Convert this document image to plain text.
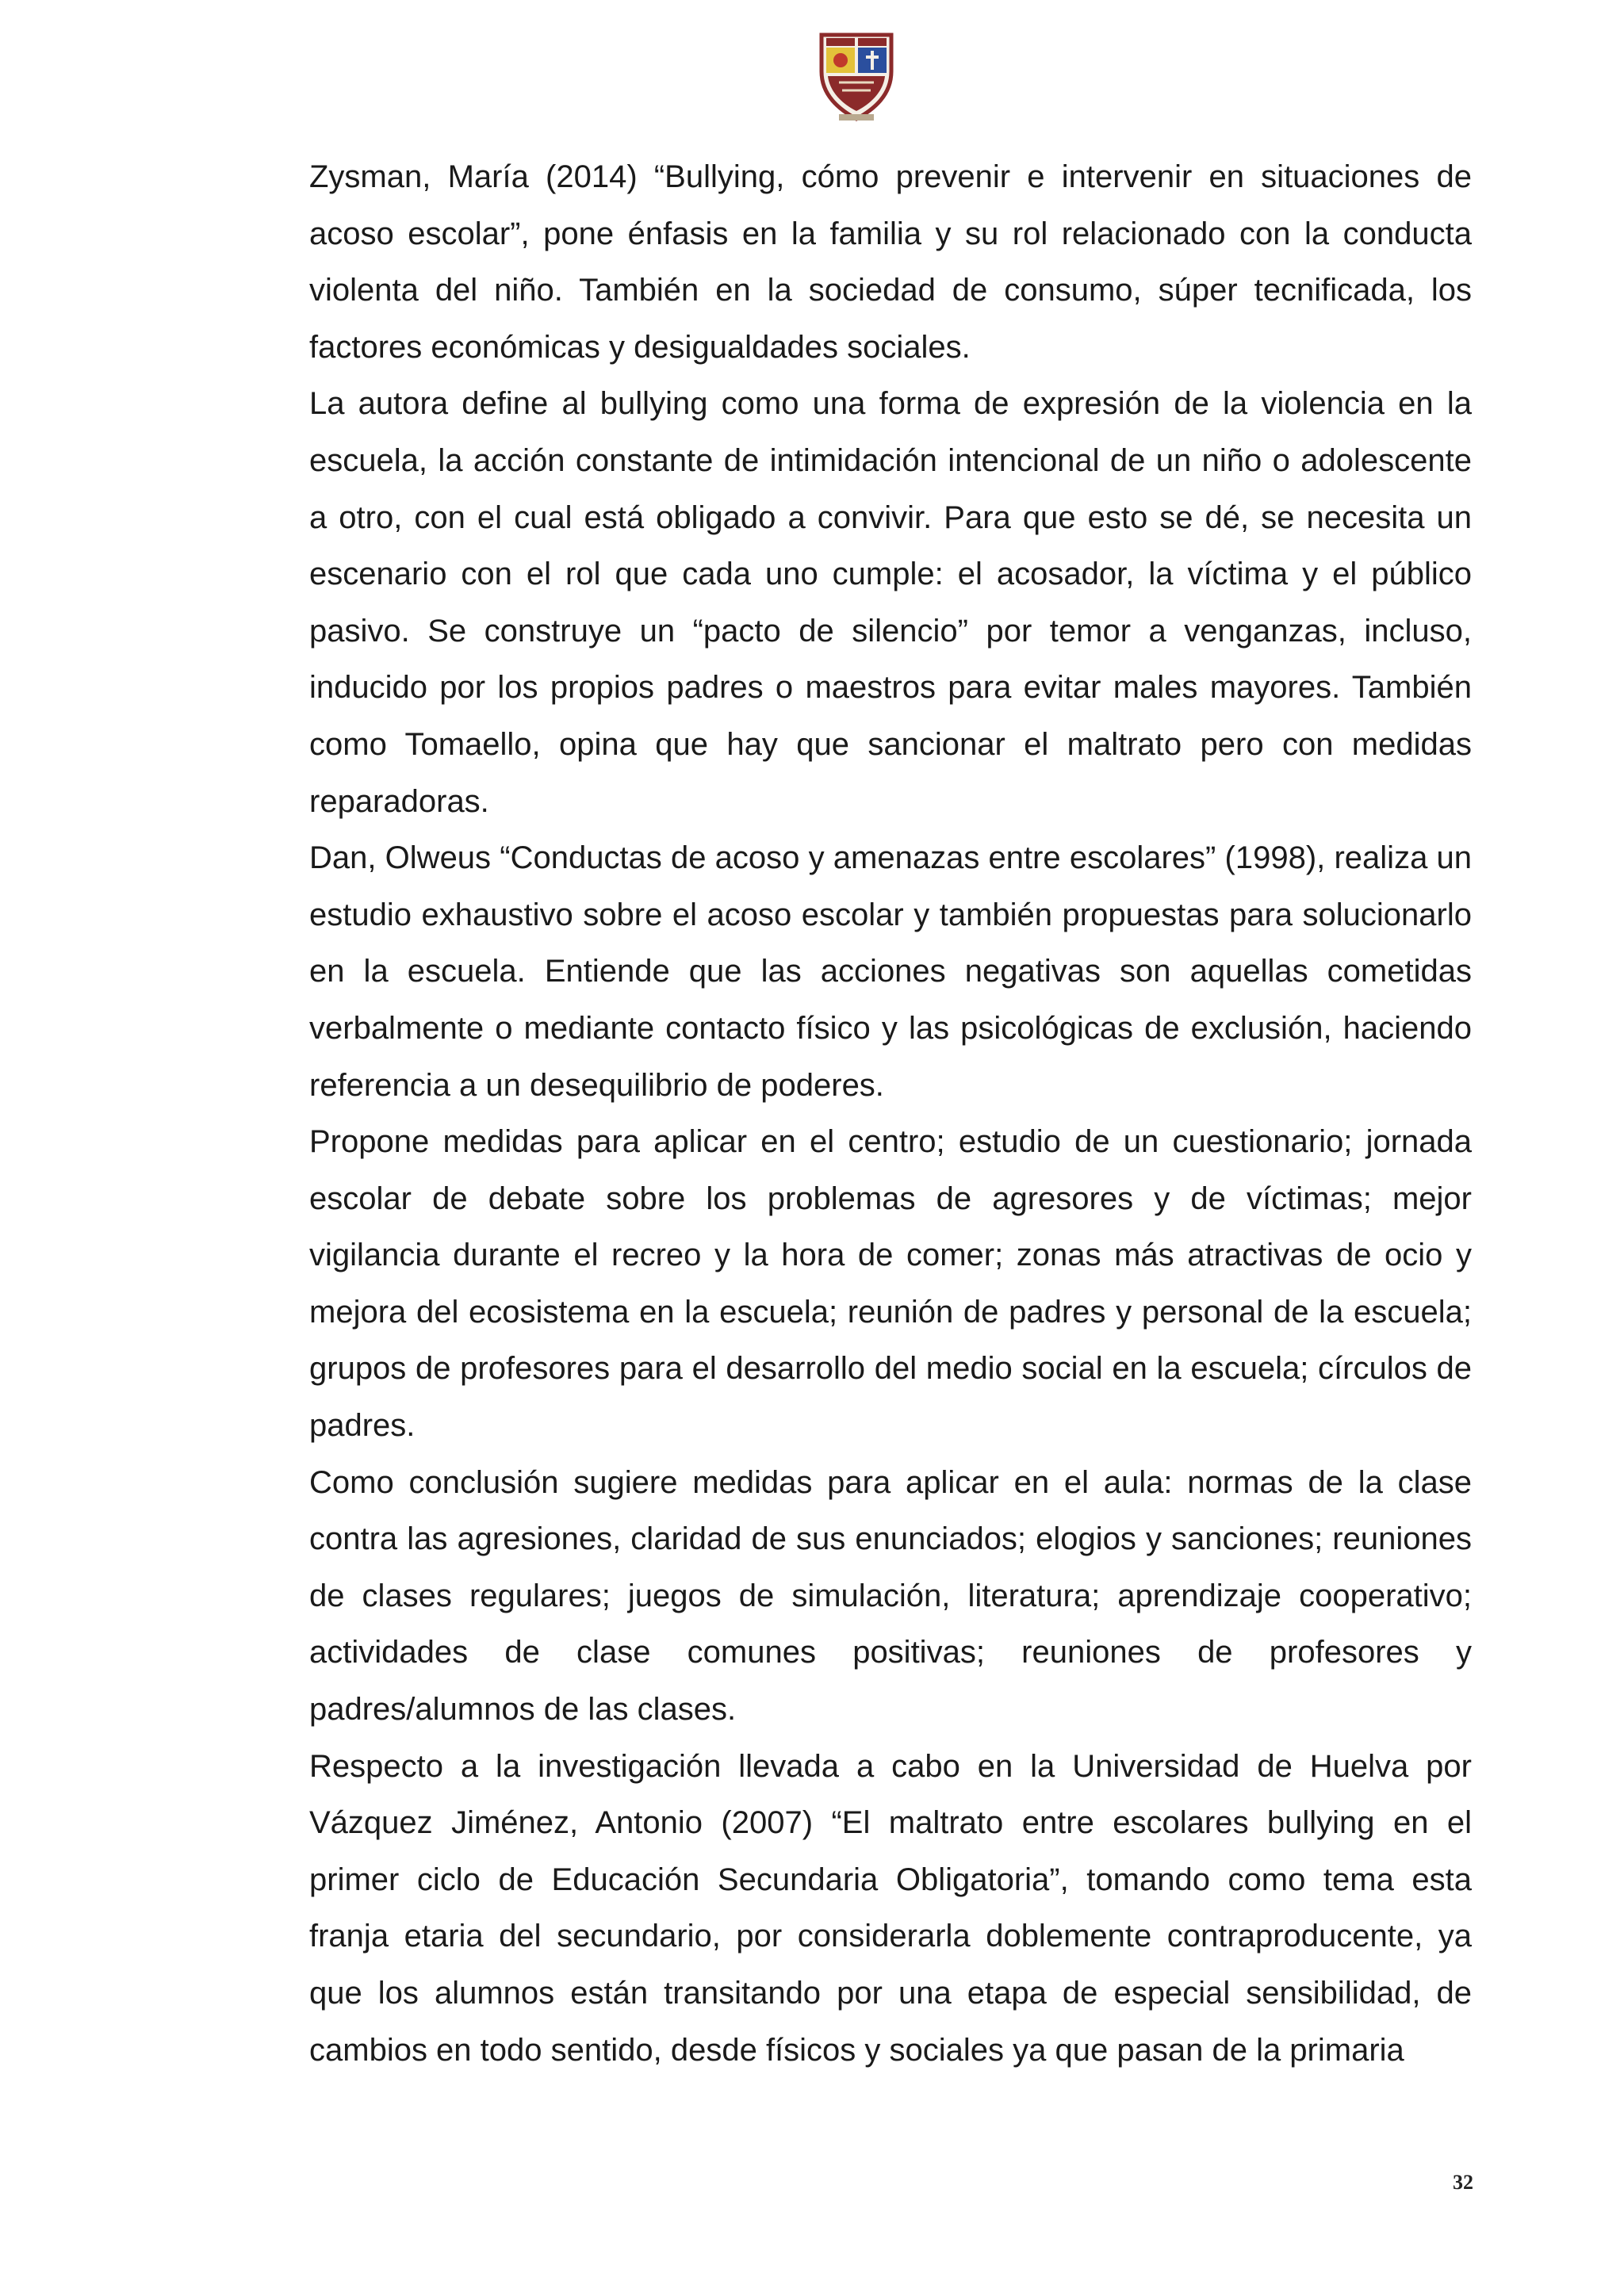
Zysman, María (2014) “Bullying, cómo prevenir e intervenir en situaciones de acoso escolar”, pone énfasis en la familia y su rol relacionado con la conducta violenta del niño. También en la sociedad de consumo, súper tecnificada, los factores económicas y desigualdades sociales.

La autora define al bullying como una forma de expresión de la violencia en la escuela, la acción constante de intimidación intencional de un niño o adolescente a otro, con el cual está obligado a convivir. Para que esto se dé, se necesita un escenario con el rol que cada uno cumple: el acosador, la víctima y el público pasivo. Se construye un “pacto de silencio” por temor a venganzas, incluso, inducido por los propios padres o maestros para evitar males mayores. También como Tomaello, opina que hay que sancionar el maltrato pero con medidas reparadoras.

Dan, Olweus “Conductas de acoso y amenazas entre escolares” (1998), realiza un estudio exhaustivo sobre el acoso escolar y también propuestas para solucionarlo en la escuela. Entiende que las acciones negativas son aquellas cometidas verbalmente o mediante contacto físico y las psicológicas de exclusión, haciendo referencia a un desequilibrio de poderes.

Propone medidas para aplicar en el centro; estudio de un cuestionario; jornada escolar de debate sobre los problemas de agresores y de víctimas; mejor vigilancia durante el recreo y la hora de comer; zonas más atractivas de ocio y mejora del ecosistema en la escuela; reunión de padres y personal de la escuela; grupos de profesores para el desarrollo del medio social en la escuela; círculos de padres.

Como conclusión sugiere medidas para aplicar en el aula: normas de la clase contra las agresiones, claridad de sus enunciados; elogios y sanciones; reuniones de clases regulares; juegos de simulación, literatura; aprendizaje cooperativo; actividades de clase comunes positivas; reuniones de profesores y padres/alumnos de las clases.

Respecto a la investigación llevada a cabo en la Universidad de Huelva por Vázquez Jiménez, Antonio (2007) “El maltrato entre escolares bullying en el primer ciclo de Educación Secundaria Obligatoria”, tomando como tema esta franja etaria del secundario, por considerarla doblemente contraproducente, ya que los alumnos están transitando por una etapa de especial sensibilidad, de cambios en todo sentido, desde físicos y sociales ya que pasan de la primaria

32
